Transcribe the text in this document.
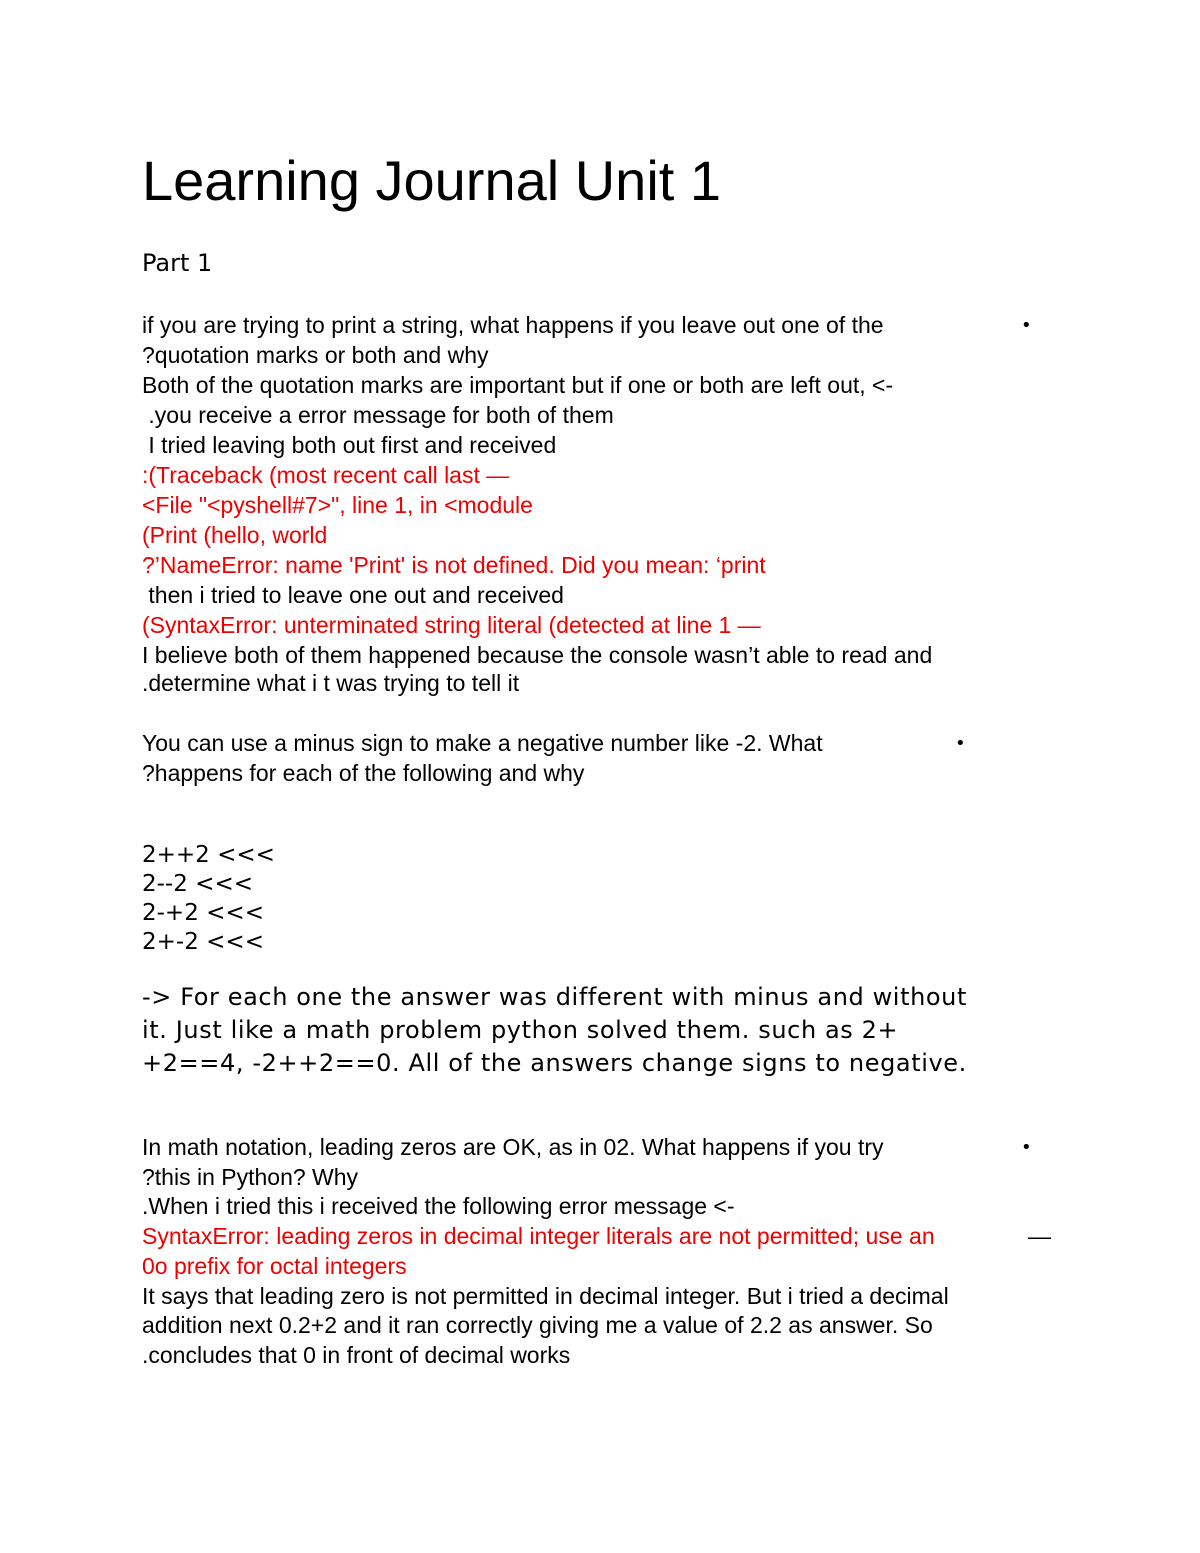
Learning Journal Unit 1
Part 1
•

if you are trying to print a string, what happens if you leave out one of the

?quotation marks or both and why

Both of the quotation marks are important but if one or both are left out, <-

.you receive a error message for both of them

I tried leaving both out first and received

:(Traceback (most recent call last —

<File "<pyshell#7>", line 1, in <module

(Print (hello, world

?’NameError: name 'Print' is not defined. Did you mean: ‘print

then i tried to leave one out and received

(SyntaxError: unterminated string literal (detected at line 1 —

I believe both of them happened because the console wasn’t able to read and

.determine what i t was trying to tell it

•

You can use a minus sign to make a negative number like -2. What

?happens for each of the following and why

2++2 <<<

2--2 <<<

2-+2 <<<

2+-2 <<<

-> For each one the answer was different with minus and without

it. Just like a math problem python solved them. such as 2+

+2==4, -2++2==0. All of the answers change signs to negative.

•

In math notation, leading zeros are OK, as in 02. What happens if you try

?this in Python? Why

.When i tried this i received the following error message <-

SyntaxError: leading zeros in decimal integer literals are not permitted; use an	—

0o prefix for octal integers

It says that leading zero is not permitted in decimal integer. But i tried a decimal

addition next 0.2+2 and it ran correctly giving me a value of 2.2 as answer. So

.concludes that 0 in front of decimal works
